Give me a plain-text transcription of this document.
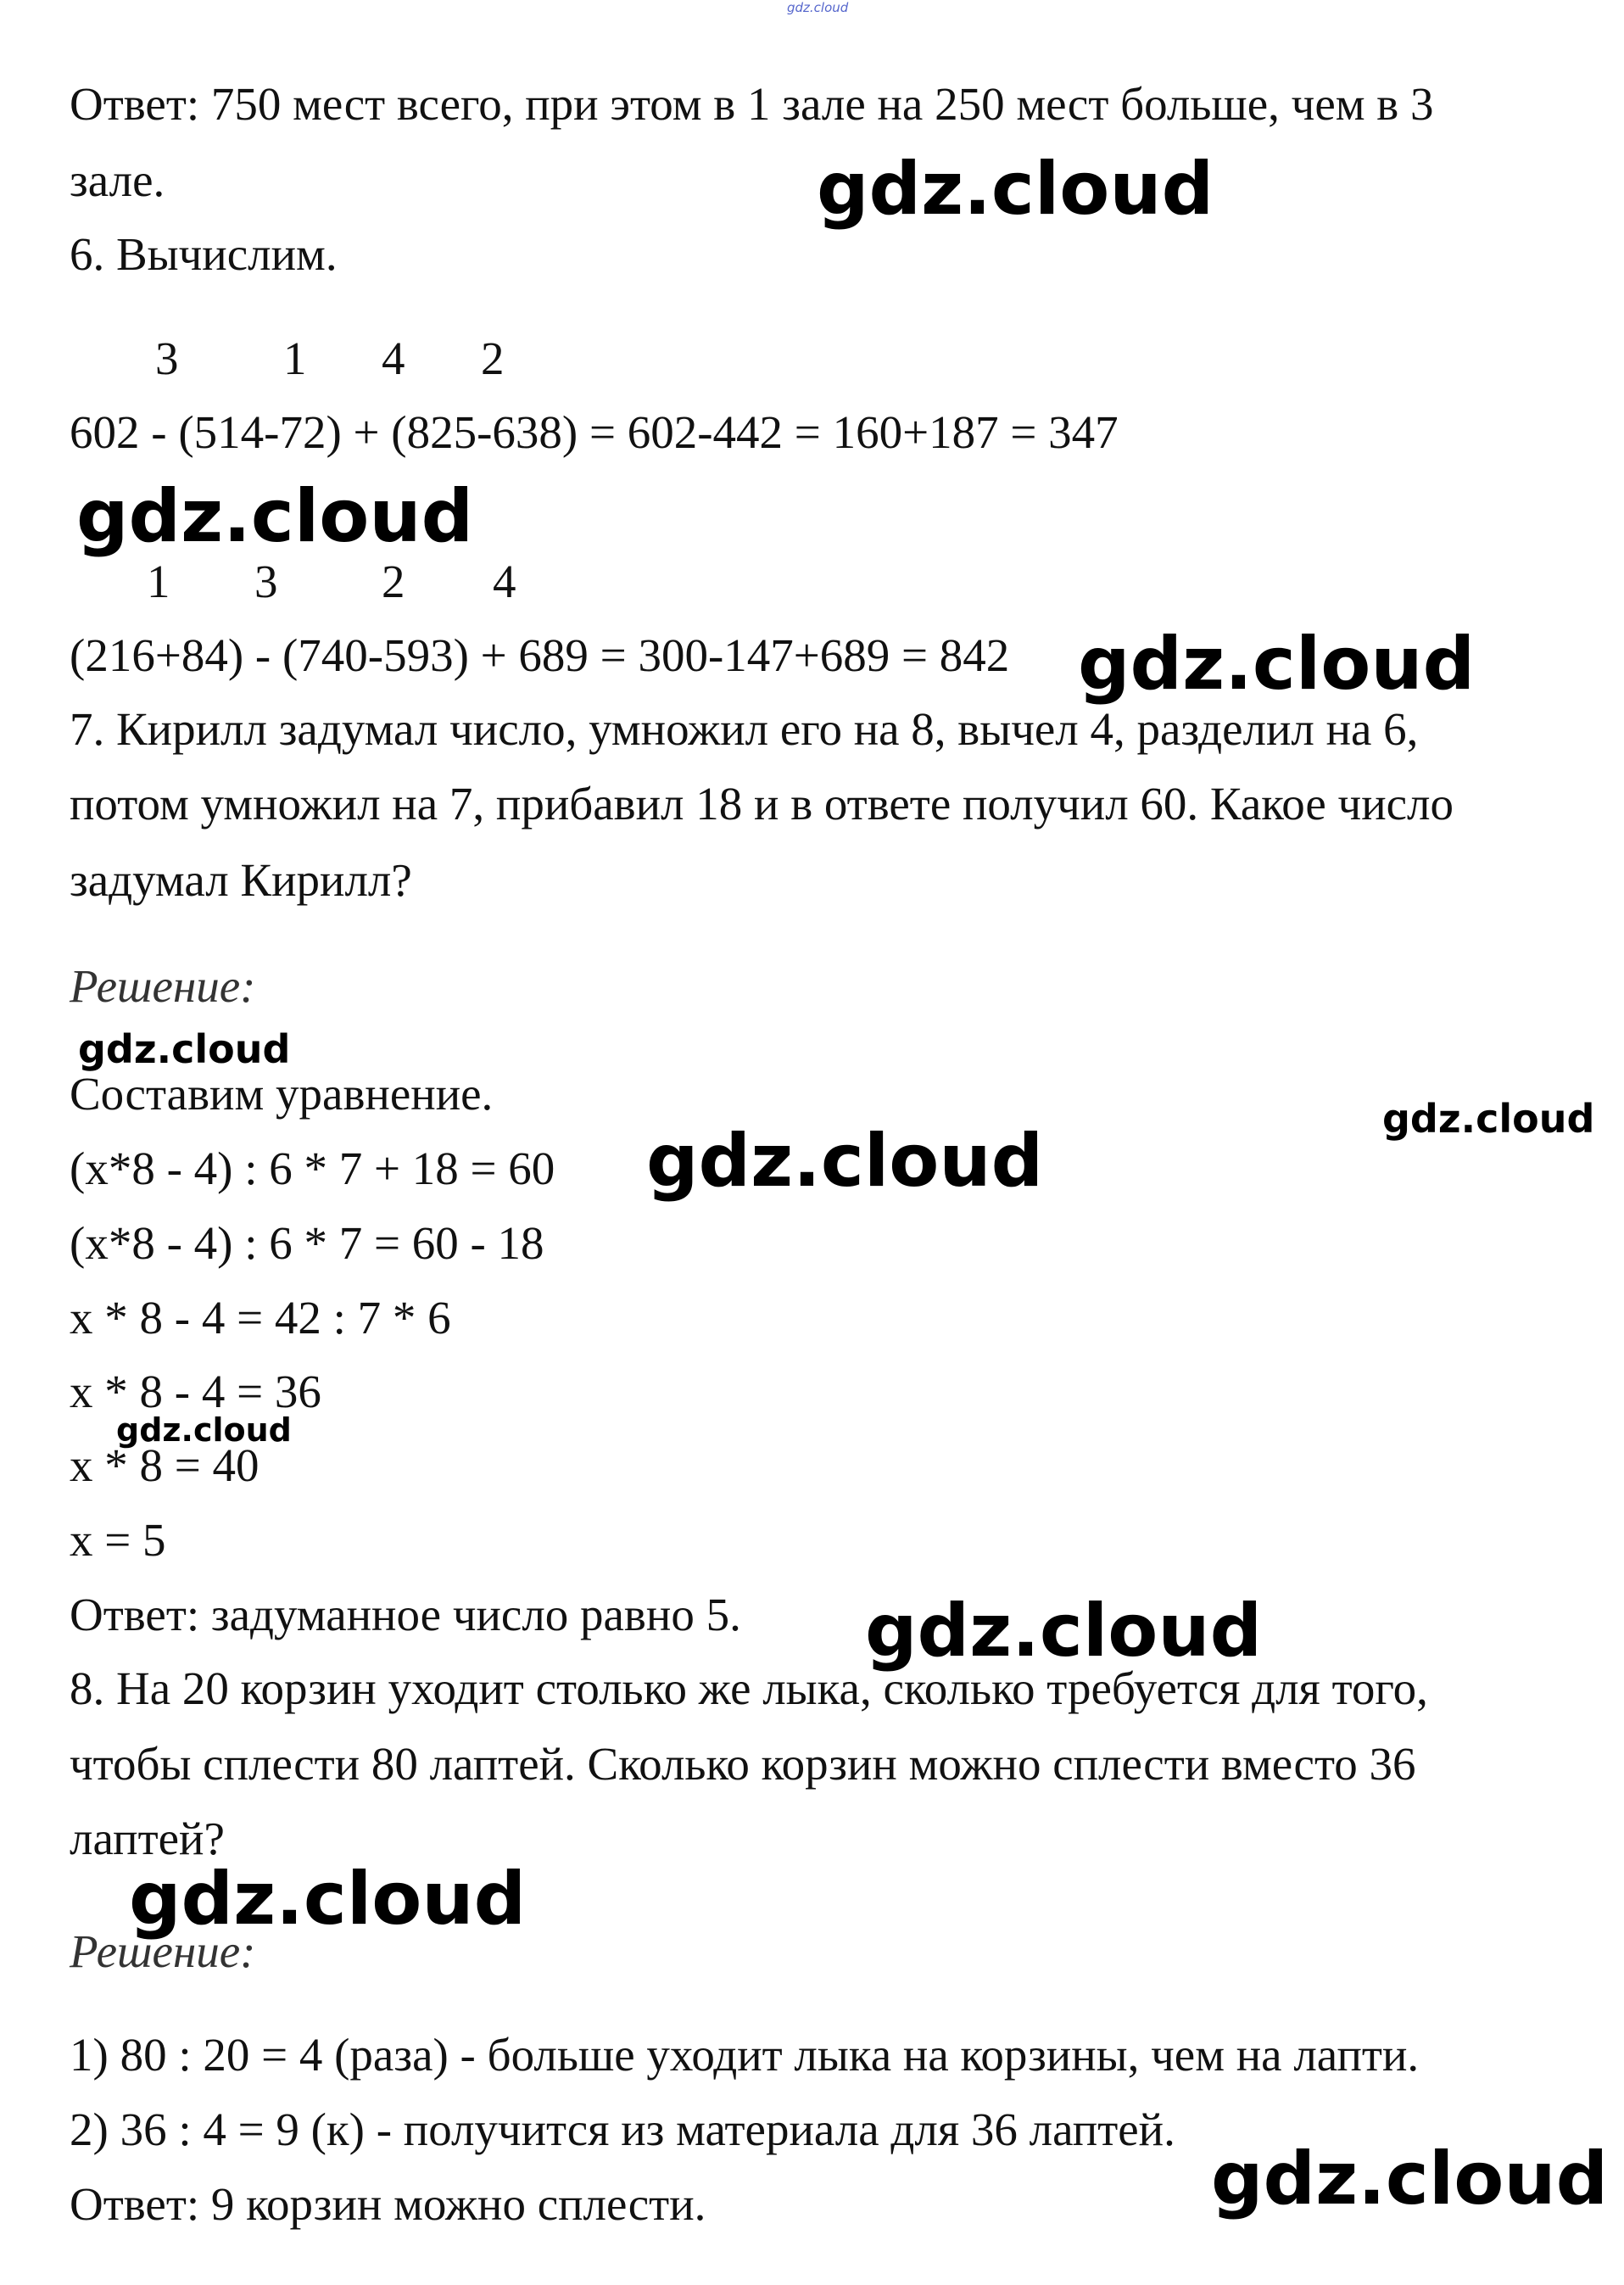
gdz.cloud
Ответ: 750 мест всего, при этом в 1 зале на 250 мест больше, чем в 3
зале.	gdz.cloud
6. Вычислим.
3 1 4 2
602 - (514-72) + (825-638) = 602-442 = 160+187 = 347
gdz.cloud
1 3 2 4
(216+84) - (740-593) + 689 = 300-147+689 = 842 gdz.cloud
7. Кирилл задумал число, умножил его на 8, вычел 4, разделил на 6,
потом умножил на 7, прибавил 18 и в ответе получил 60. Какое число
задумал Кирилл?
Решение:
gdz.cloud
Составим уравнение.	gdz.cloud
(x*8 - 4) : 6 * 7 + 18 = 60 gdz.cloud
(x*8 - 4) : 6 * 7 = 60 - 18
x * 8 - 4 = 42 : 7 * 6
x * 8 - 4 = 36
gdz.cloud
x * 8 = 40
x = 5
Ответ: задуманное число равно 5. gdz.cloud
8. На 20 корзин уходит столько же лыка, сколько требуется для того,
чтобы сплести 80 лаптей. Сколько корзин можно сплести вместо 36
лаптей?
gdz.cloud
Решение:
1) 80 : 20 = 4 (раза) - больше уходит лыка на корзины, чем на лапти.
2) 36 : 4 = 9 (к) - получится из материала для 36 лаптей.
gdz.cloud
Ответ: 9 корзин можно сплести.
